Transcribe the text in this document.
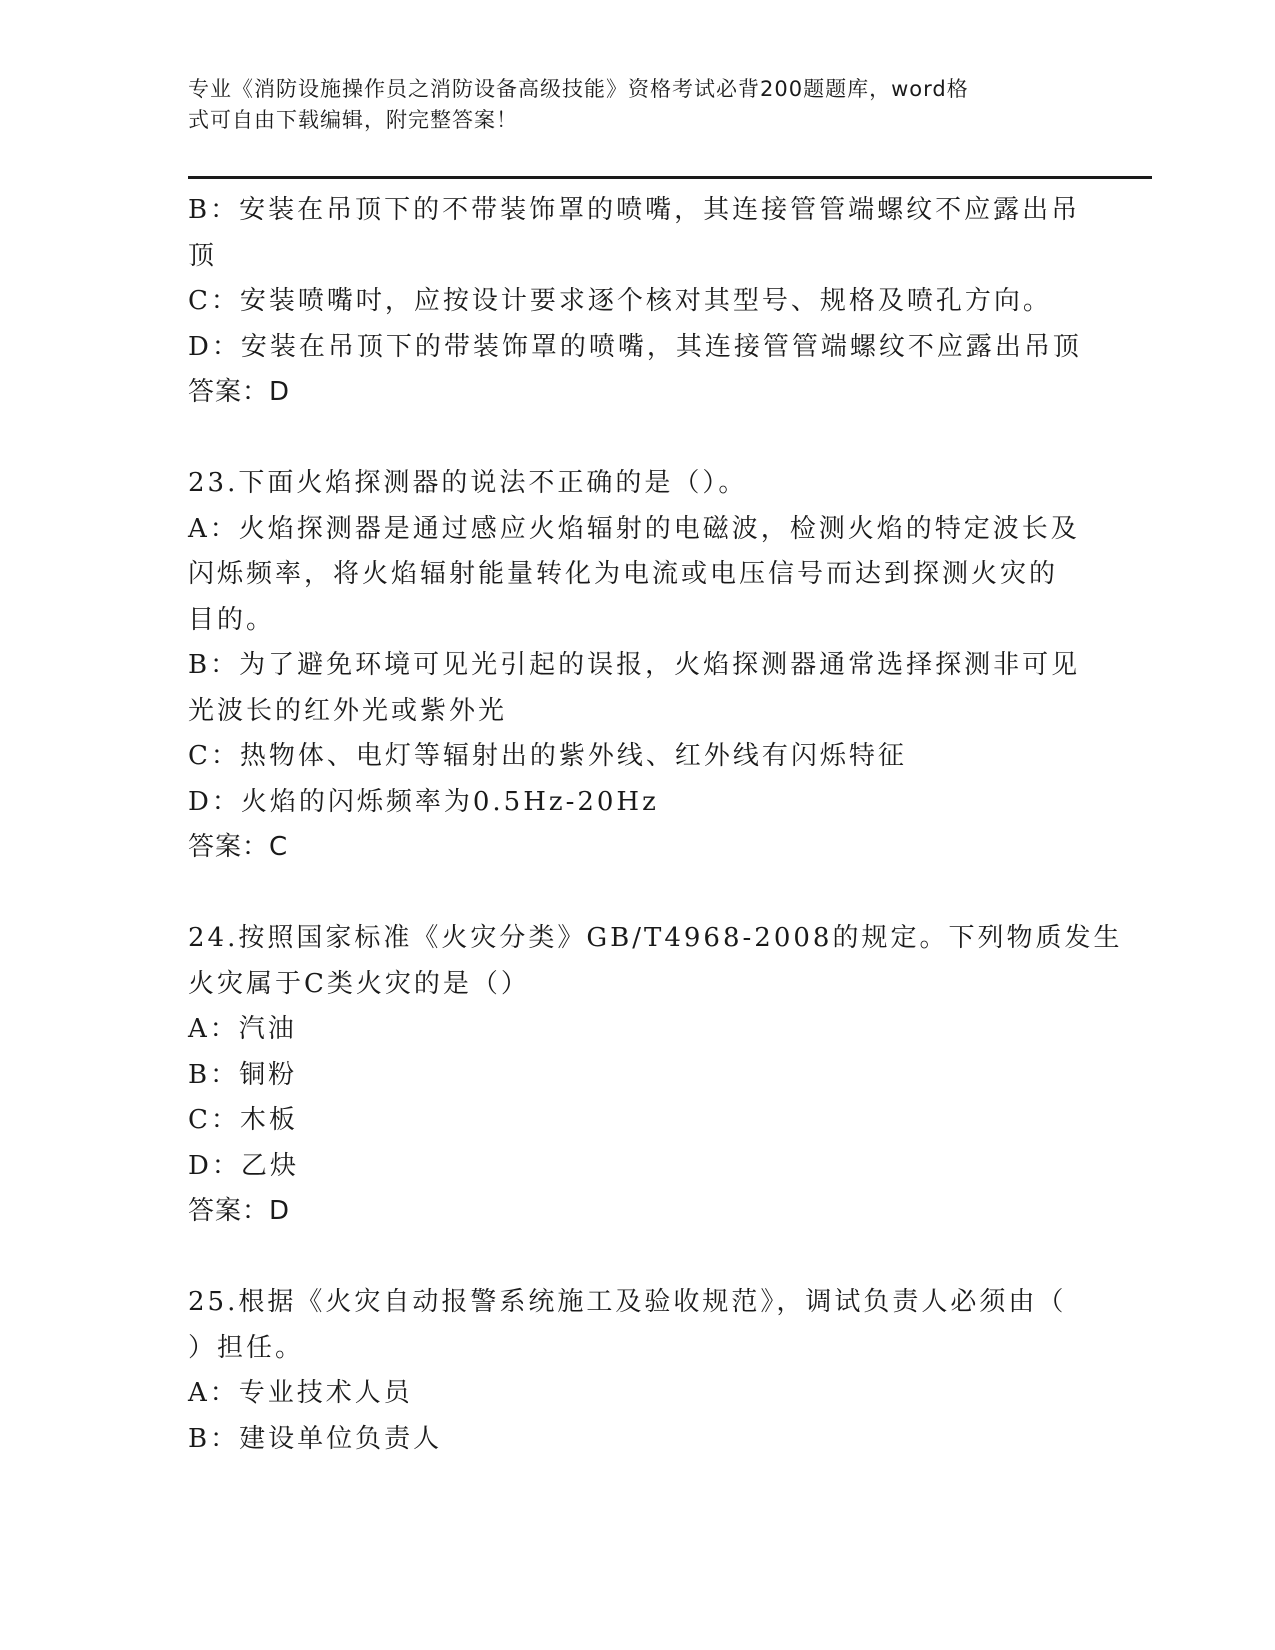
专业《消防设施操作员之消防设备高级技能》资格考试必背200题题库，word格
式可自由下载编辑，附完整答案！
B：安装在吊顶下的不带装饰罩的喷嘴，其连接管管端螺纹不应露出吊
顶
C：安装喷嘴吋，应按设计要求逐个核对其型号、规格及喷孔方向。
D：安装在吊顶下的带装饰罩的喷嘴，其连接管管端螺纹不应露出吊顶
答案：D
23.下面火焰探测器的说法不正确的是（）。
A：火焰探测器是通过感应火焰辐射的电磁波，检测火焰的特定波长及
闪烁频率，将火焰辐射能量转化为电流或电压信号而达到探测火灾的
目的。
B：为了避免环境可见光引起的误报，火焰探测器通常选择探测非可见
光波长的红外光或紫外光
C：热物体、电灯等辐射出的紫外线、红外线有闪烁特征
D：火焰的闪烁频率为0.5Hz-20Hz
答案：C
24.按照国家标准《火灾分类》GB/T4968-2008的规定。下列物质发生
火灾属于C类火灾的是（）
A：汽油
B：铜粉
C：木板
D：乙炔
答案：D
25.根据《火灾自动报警系统施工及验收规范》，调试负责人必须由（
）担任。
A：专业技术人员
B：建设单位负责人
